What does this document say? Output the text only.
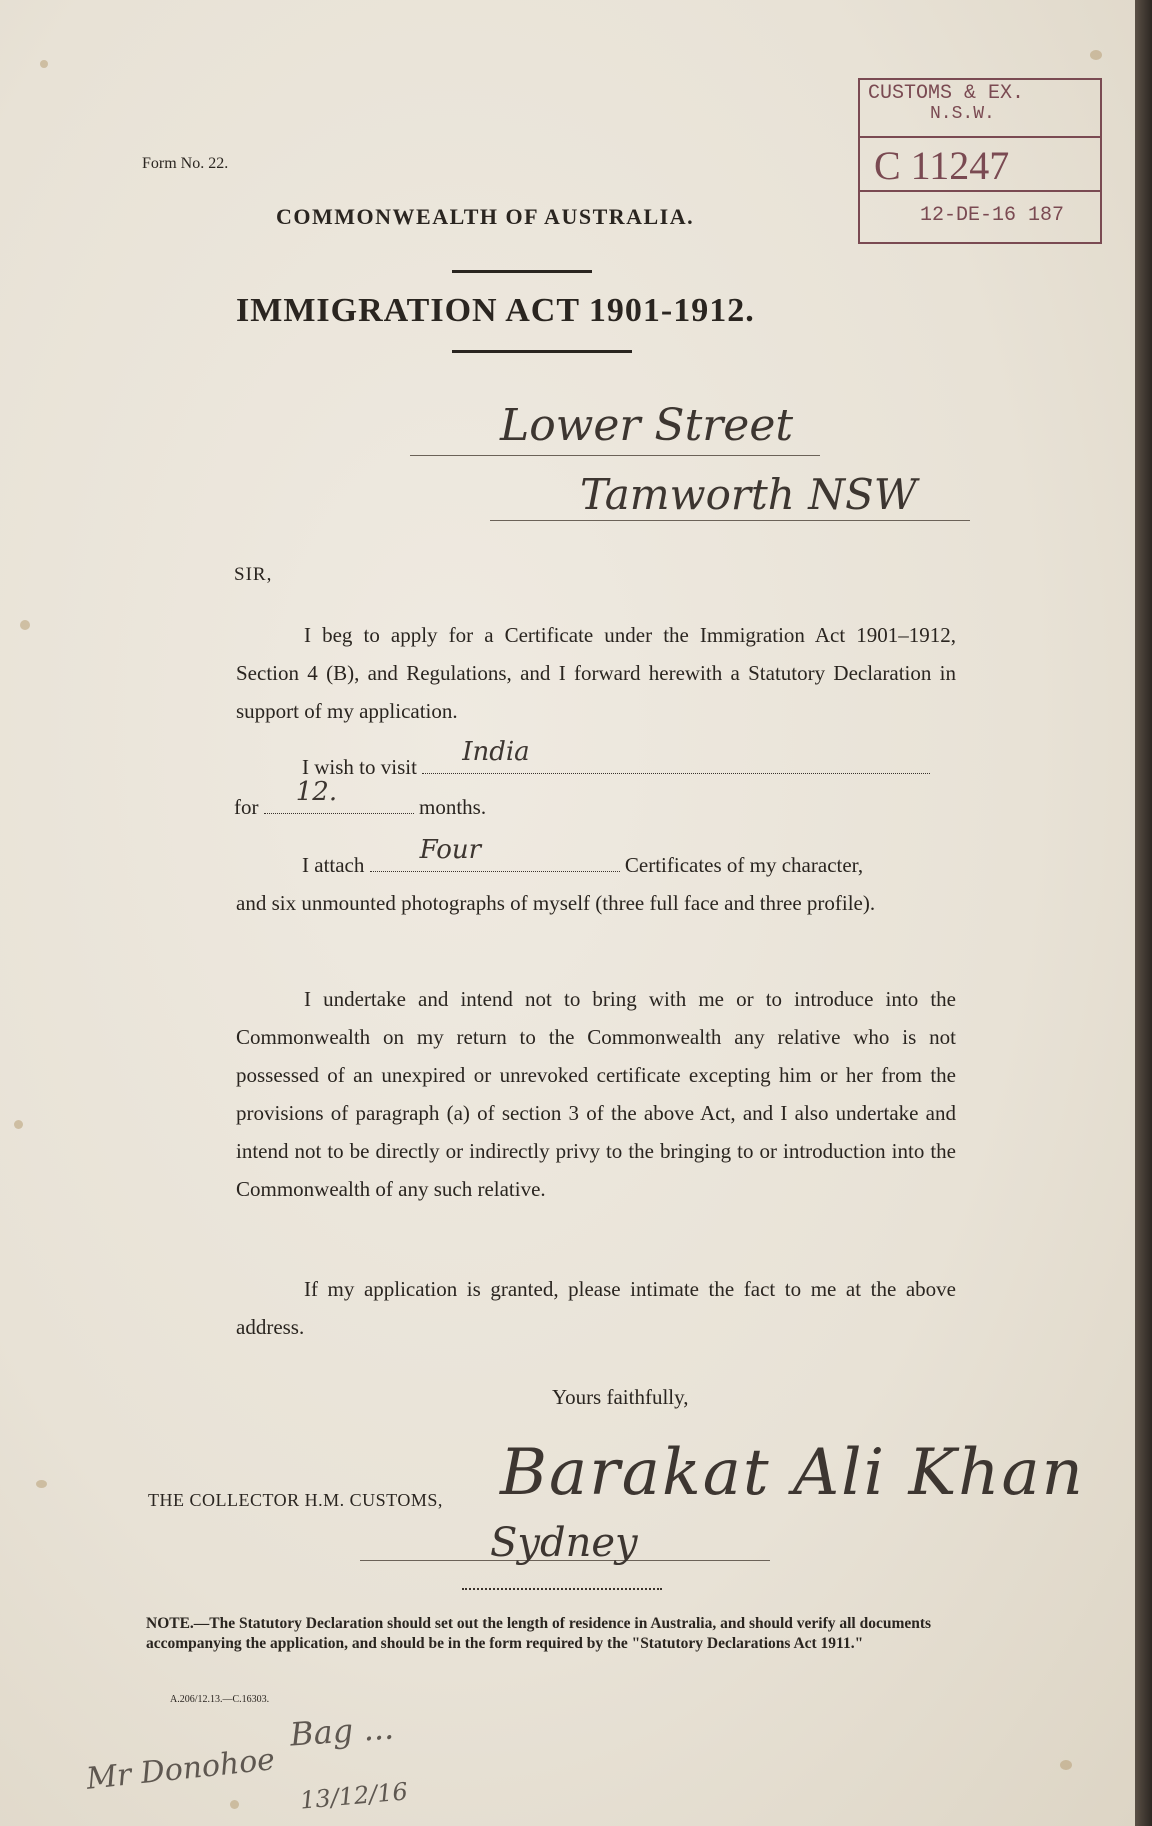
Form No. 22.
COMMONWEALTH OF AUSTRALIA.
IMMIGRATION ACT 1901-1912.
CUSTOMS & EX.
N.S.W.
C 11247
12-DE-16 187
Lower Street
Tamworth NSW
SIR,
I beg to apply for a Certificate under the Immigration Act 1901–1912, Section 4 (B), and Regulations, and I forward herewith a Statutory Declaration in support of my application.
I wish to visit	India
for	12.	months.
I attach	Four	Certificates of my character,
and six unmounted photographs of myself (three full face and three profile).
I undertake and intend not to bring with me or to introduce into the Commonwealth on my return to the Commonwealth any relative who is not possessed of an unexpired or unrevoked certificate excepting him or her from the provisions of paragraph (a) of section 3 of the above Act, and I also undertake and intend not to be directly or indirectly privy to the bringing to or introduction into the Commonwealth of any such relative.
If my application is granted, please intimate the fact to me at the above address.
Yours faithfully,
Barakat Ali Khan
THE COLLECTOR H.M. CUSTOMS,
Sydney
NOTE.—The Statutory Declaration should set out the length of residence in Australia, and should verify all documents accompanying the application, and should be in the form required by the "Statutory Declarations Act 1911."
A.206/12.13.—C.16303.
Mr Donohoe
Bag ...
13/12/16
